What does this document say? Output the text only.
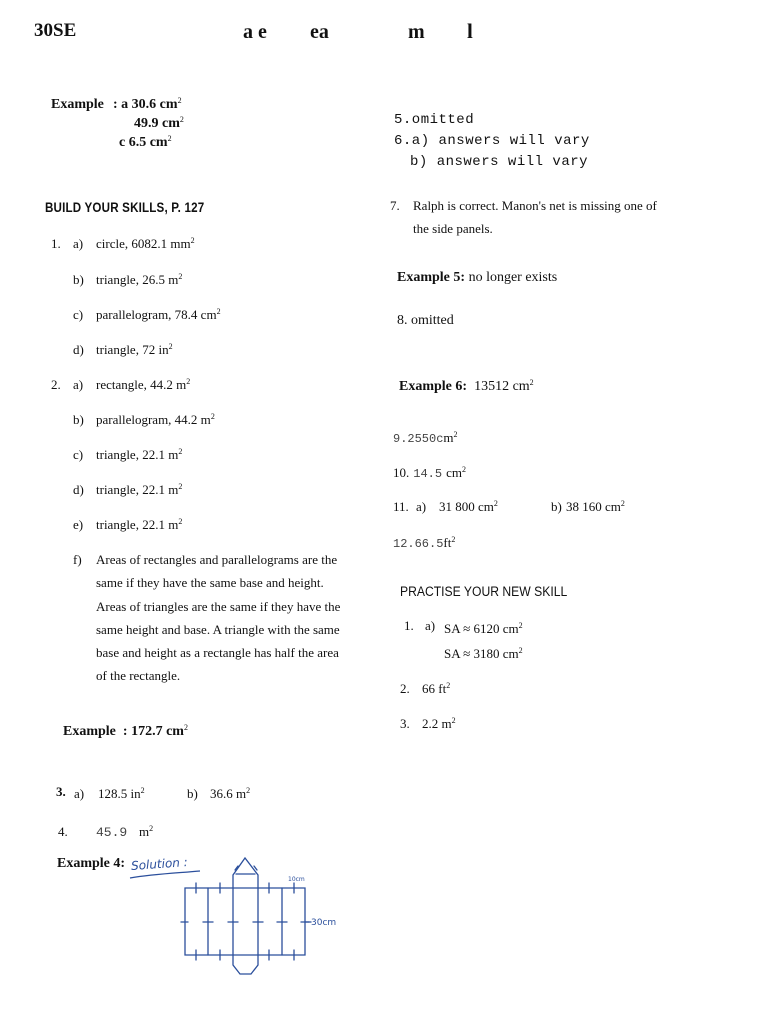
30SE	a e ea	m l
Example : a 30.6 $cm^2$
49.9 $cm^2$
c 6.5 $cm^2$
BUILD YOUR SKILLS, P. 127
1. a) circle, 6082.1 $mm^2$
b) triangle, 26.5 $m^2$
c) parallelogram, 78.4 $cm^2$
d) triangle, 72 $in^2$
2. a) rectangle, 44.2 $m^2$
b) parallelogram, 44.2 $m^2$
c) triangle, 22.1 $m^2$
d) triangle, 22.1 $m^2$
e) triangle, 22.1 $m^2$
f) Areas of rectangles and parallelograms are the same if they have the same base and height. Areas of triangles are the same if they have the same height and base. A triangle with the same base and height as a rectangle has half the area of the rectangle.
Example : 172.7 $cm^2$
3. a) 128.5 $in^2$	b) 36.6 $m^2$
4. 45.9 $m^2$
Example 4: Solution :
10cm
30cm
5.omitted
6.a) answers will vary
b) answers will vary
7. Ralph is correct. Manon's net is missing one of
the side panels.
Example 5: no longer exists
8. omitted
Example 6: 13512 $cm^2$
$9.2550cm^2$
10. 14.5 $cm^2$
11. a) 31 800 $cm^2$	b) 38 160 $cm^2$
$12.66.5ft^2$
PRACTISE YOUR NEW SKILL
1. a) SA ≈ 6120 $cm^2$
SA ≈ 3180 $cm^2$
2. 66 $ft^2$
3. 2.2 $m^2$
